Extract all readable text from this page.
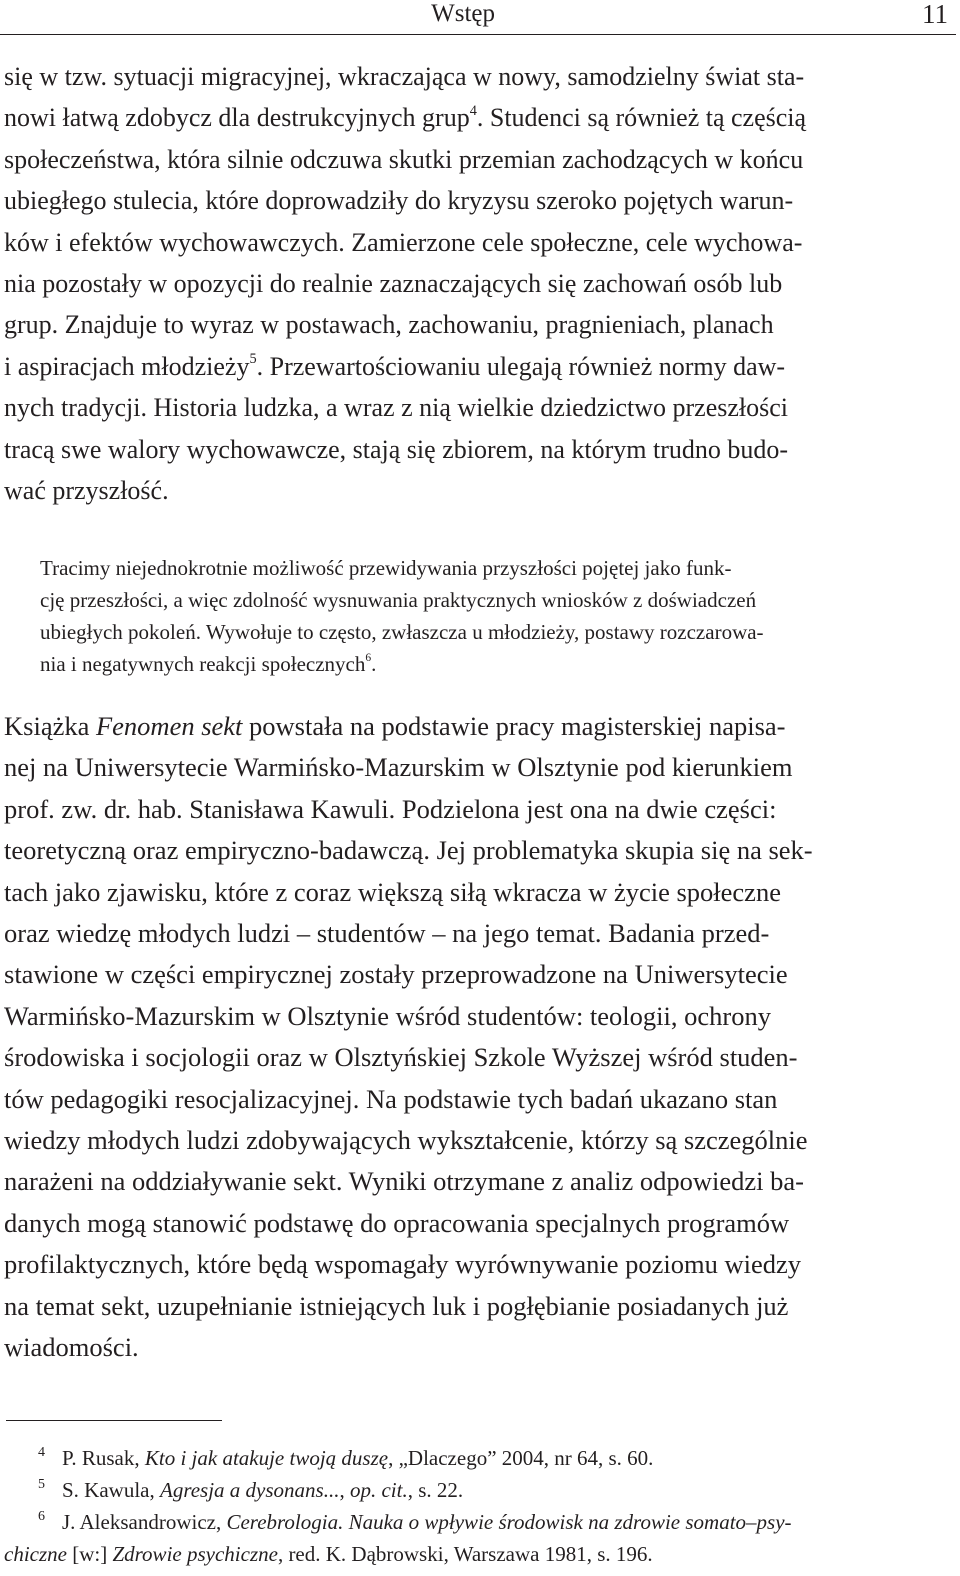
Wstęp	11

się w tzw. sytuacji migracyjnej, wkraczająca w nowy, samodzielny świat sta-
nowi łatwą zdobycz dla destrukcyjnych grup$^4$. Studenci są również tą częścią
społeczeństwa, która silnie odczuwa skutki przemian zachodzących w końcu
ubiegłego stulecia, które doprowadziły do kryzysu szeroko pojętych warun-
ków i efektów wychowawczych. Zamierzone cele społeczne, cele wychowa-
nia pozostały w opozycji do realnie zaznaczających się zachowań osób lub
grup. Znajduje to wyraz w postawach, zachowaniu, pragnieniach, planach
i aspiracjach młodzieży$^5$. Przewartościowaniu ulegają również normy daw-
nych tradycji. Historia ludzka, a wraz z nią wielkie dziedzictwo przeszłości
tracą swe walory wychowawcze, stają się zbiorem, na którym trudno budo-
wać przyszłość.

Tracimy niejednokrotnie możliwość przewidywania przyszłości pojętej jako funk-
cję przeszłości, a więc zdolność wysnuwania praktycznych wniosków z doświadczeń
ubiegłych pokoleń. Wywołuje to często, zwłaszcza u młodzieży, postawy rozczarowa-
nia i negatywnych reakcji społecznych$^6$.

Książka Fenomen sekt powstała na podstawie pracy magisterskiej napisa-
nej na Uniwersytecie Warmińsko-Mazurskim w Olsztynie pod kierunkiem
prof. zw. dr. hab. Stanisława Kawuli. Podzielona jest ona na dwie części:
teoretyczną oraz empiryczno-badawczą. Jej problematyka skupia się na sek-
tach jako zjawisku, które z coraz większą siłą wkracza w życie społeczne
oraz wiedzę młodych ludzi – studentów – na jego temat. Badania przed-
stawione w części empirycznej zostały przeprowadzone na Uniwersytecie
Warmińsko-Mazurskim w Olsztynie wśród studentów: teologii, ochrony
środowiska i socjologii oraz w Olsztyńskiej Szkole Wyższej wśród studen-
tów pedagogiki resocjalizacyjnej. Na podstawie tych badań ukazano stan
wiedzy młodych ludzi zdobywających wykształcenie, którzy są szczególnie
narażeni na oddziaływanie sekt. Wyniki otrzymane z analiz odpowiedzi ba-
danych mogą stanowić podstawę do opracowania specjalnych programów
profilaktycznych, które będą wspomagały wyrównywanie poziomu wiedzy
na temat sekt, uzupełnianie istniejących luk i pogłębianie posiadanych już
wiadomości.

4 P. Rusak, Kto i jak atakuje twoją duszę, „Dlaczego” 2004, nr 64, s. 60.
5 S. Kawula, Agresja a dysonans..., op. cit., s. 22.
6 J. Aleksandrowicz, Cerebrologia. Nauka o wpływie środowisk na zdrowie somato–psy-
chiczne [w:] Zdrowie psychiczne, red. K. Dąbrowski, Warszawa 1981, s. 196.
